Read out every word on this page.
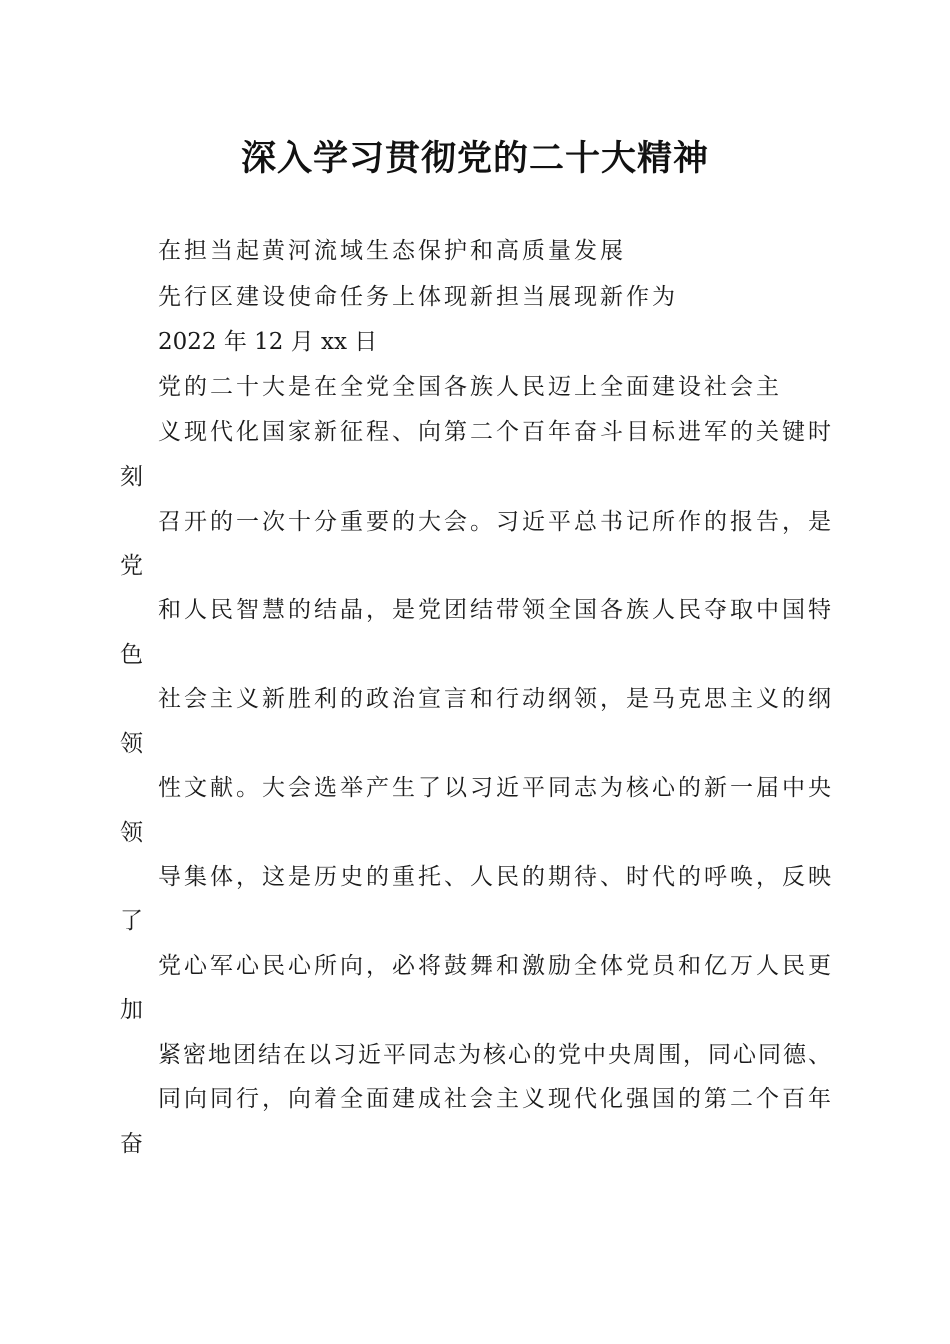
深入学习贯彻党的二十大精神
在担当起黄河流域生态保护和高质量发展
先行区建设使命任务上体现新担当展现新作为
2022 年 12 月 xx 日
党的二十大是在全党全国各族人民迈上全面建设社会主
义现代化国家新征程、向第二个百年奋斗目标进军的关键时
刻
召开的一次十分重要的大会。习近平总书记所作的报告，是
党
和人民智慧的结晶，是党团结带领全国各族人民夺取中国特
色
社会主义新胜利的政治宣言和行动纲领，是马克思主义的纲
领
性文献。大会选举产生了以习近平同志为核心的新一届中央
领
导集体，这是历史的重托、人民的期待、时代的呼唤，反映
了
党心军心民心所向，必将鼓舞和激励全体党员和亿万人民更
加
紧密地团结在以习近平同志为核心的党中央周围，同心同德、
同向同行，向着全面建成社会主义现代化强国的第二个百年
奋
